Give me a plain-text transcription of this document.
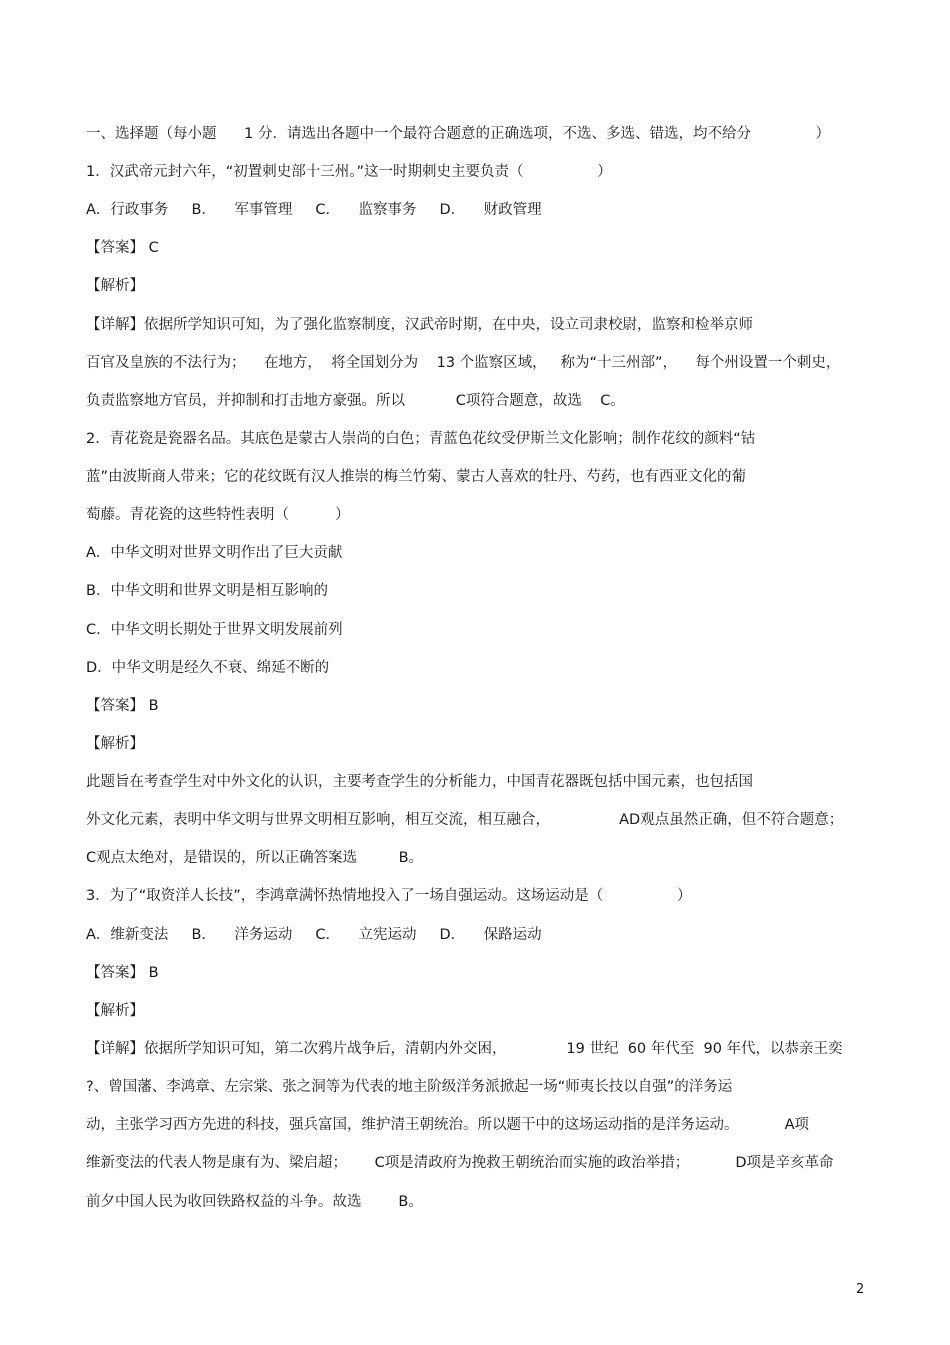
一、选择题（每小题      1 分．请选出各题中一个最符合题意的正确选项，不选、多选、错选，均不给分              ）
1．汉武帝元封六年，“初置刺史部十三州。”这一时期刺史主要负责（                ）
A．行政事务     B．    军事管理     C．    监察事务     D．    财政管理
【答案】 C
【解析】
【详解】依据所学知识可知，为了强化监察制度，汉武帝时期，在中央，设立司隶校尉，监察和检举京师
百官及皇族的不法行为；    在地方，  将全国划分为    13 个监察区域，   称为“十三州部”，    每个州设置一个刺史，
负责监察地方官员，并抑制和打击地方豪强。所以           C项符合题意，故选    C。
2．青花瓷是瓷器名品。其底色是蒙古人崇尚的白色；青蓝色花纹受伊斯兰文化影响；制作花纹的颜料“钴
蓝”由波斯商人带来；它的花纹既有汉人推崇的梅兰竹菊、蒙古人喜欢的牡丹、芍药，也有西亚文化的葡
萄藤。青花瓷的这些特性表明（          ）
A．中华文明对世界文明作出了巨大贡献
B．中华文明和世界文明是相互影响的
C．中华文明长期处于世界文明发展前列
D．中华文明是经久不衰、绵延不断的
【答案】 B
【解析】
此题旨在考查学生对中外文化的认识，主要考查学生的分析能力，中国青花器既包括中国元素，也包括国
外文化元素，表明中华文明与世界文明相互影响，相互交流，相互融合，               AD观点虽然正确，但不符合题意；
C观点太绝对，是错误的，所以正确答案选         B。
3．为了“取资洋人长技”，李鸿章满怀热情地投入了一场自强运动。这场运动是（                ）
A．维新变法     B．    洋务运动     C．    立宪运动     D．    保路运动
【答案】 B
【解析】
【详解】依据所学知识可知，第二次鸦片战争后，清朝内外交困，             19 世纪  60 年代至  90 年代，以恭亲王奕
?、曾国藩、李鸿章、左宗棠、张之洞等为代表的地主阶级洋务派掀起一场“师夷长技以自强”的洋务运
动，主张学习西方先进的科技，强兵富国，维护清王朝统治。所以题干中的这场运动指的是洋务运动。          A项
维新变法的代表人物是康有为、梁启超；      C项是清政府为挽救王朝统治而实施的政治举措；          D项是辛亥革命
前夕中国人民为收回铁路权益的斗争。故选        B。
2
